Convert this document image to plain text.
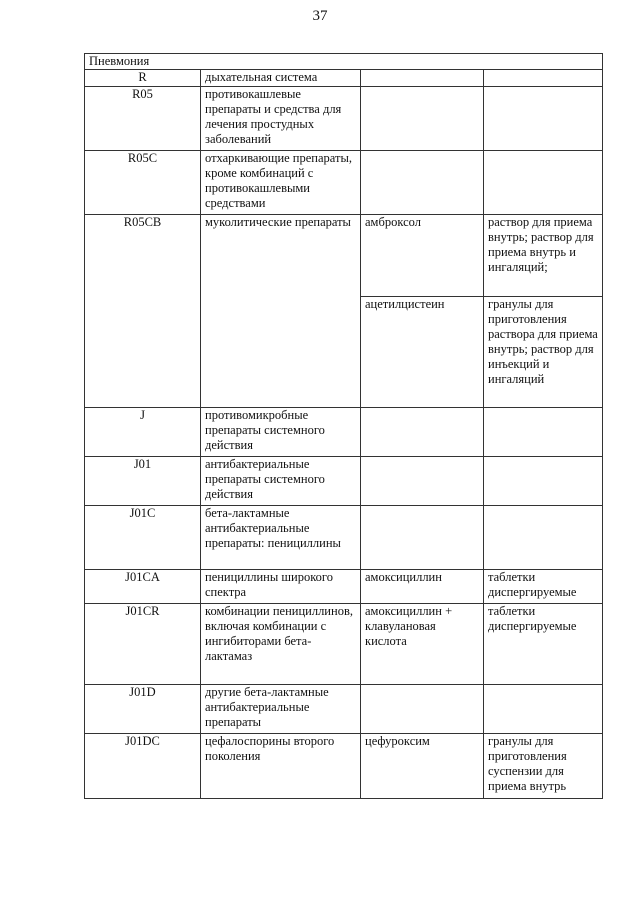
37
Пневмония			
R	дыхательная система		
R05	противокашлевые препараты и средства для лечения простудных заболеваний		
R05C	отхаркивающие препараты, кроме комбинаций с противокашлевыми средствами		
R05CB	муколитические препараты	амброксол	раствор для приема внутрь; раствор для приема внутрь и ингаляций;
		ацетилцистеин	гранулы для приготовления раствора для приема внутрь; раствор для инъекций и ингаляций
J	противомикробные препараты системного действия		
J01	антибактериальные препараты системного действия		
J01C	бета-лактамные антибактериальные препараты: пенициллины		
J01CA	пенициллины широкого спектра	амоксициллин	таблетки диспергируемые
J01CR	комбинации пенициллинов, включая комбинации с ингибиторами бета-лактамаз	амоксициллин + клавулановая кислота	таблетки диспергируемые
J01D	другие бета-лактамные антибактериальные препараты		
J01DC	цефалоспорины второго поколения	цефуроксим	гранулы для приготовления суспензии для приема внутрь
